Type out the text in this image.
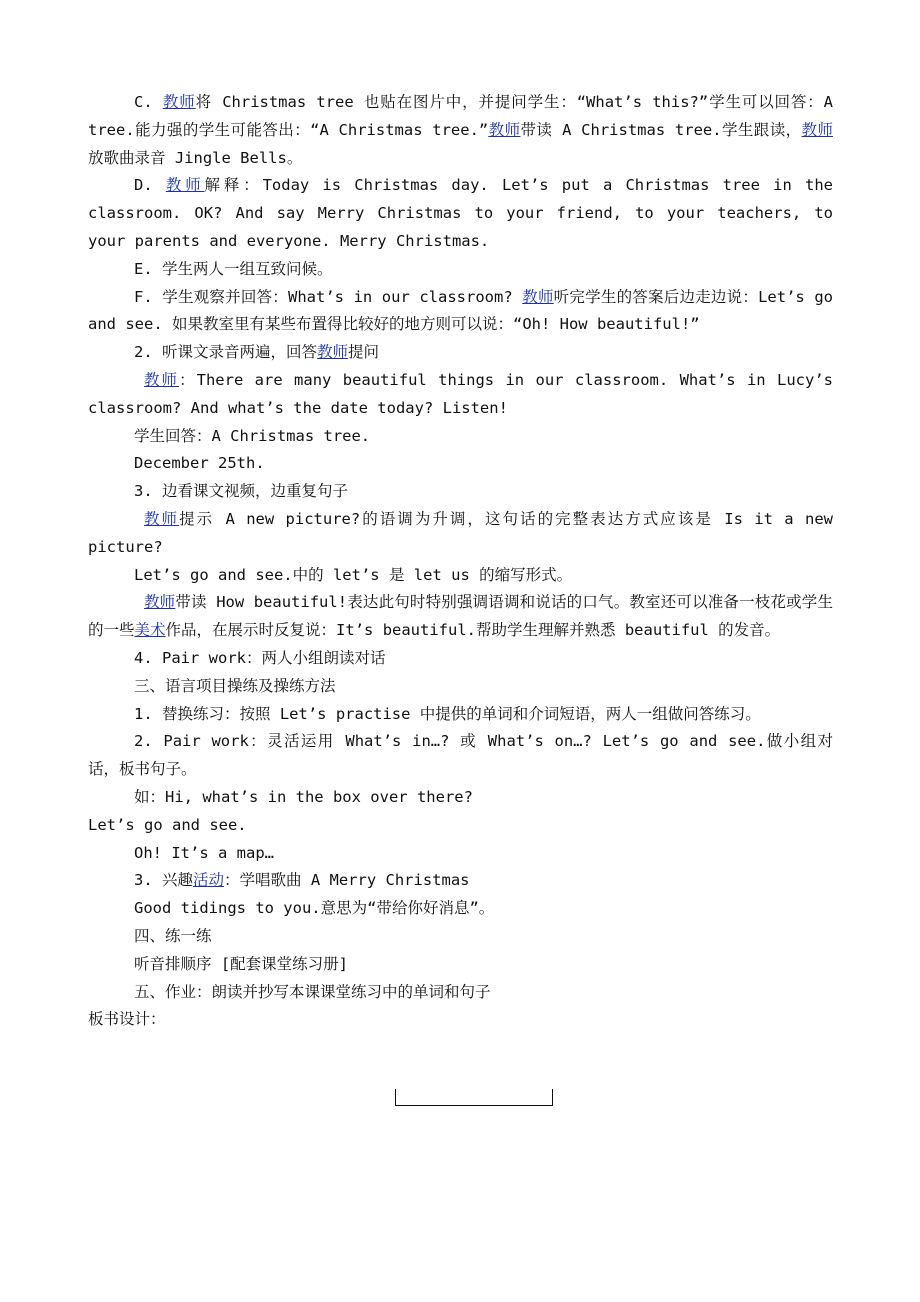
C. 教师将 Christmas tree 也贴在图片中，并提问学生：“What’s this?”学生可以回答：A tree.能力强的学生可能答出：“A Christmas tree.”教师带读 A Christmas tree.学生跟读，教师放歌曲录音 Jingle Bells。

D. 教师解释：Today is Christmas day. Let’s put a Christmas tree in the classroom. OK? And say Merry Christmas to your friend, to your teachers, to your parents and everyone. Merry Christmas.

E. 学生两人一组互致问候。

F. 学生观察并回答：What’s in our classroom? 教师听完学生的答案后边走边说：Let’s go and see. 如果教室里有某些布置得比较好的地方则可以说：“Oh! How beautiful!”

2. 听课文录音两遍，回答教师提问

教师：There are many beautiful things in our classroom. What’s in Lucy’s classroom? And what’s the date today? Listen!

学生回答：A Christmas tree.

December 25th.

3. 边看课文视频，边重复句子

教师提示 A new picture?的语调为升调，这句话的完整表达方式应该是 Is it a new picture?

Let’s go and see.中的 let’s 是 let us 的缩写形式。

教师带读 How beautiful!表达此句时特别强调语调和说话的口气。教室还可以准备一枝花或学生的一些美术作品，在展示时反复说：It’s beautiful.帮助学生理解并熟悉 beautiful 的发音。

4. Pair work：两人小组朗读对话

三、语言项目操练及操练方法

1. 替换练习：按照 Let’s practise 中提供的单词和介词短语，两人一组做问答练习。

2. Pair work：灵活运用 What’s in…? 或 What’s on…? Let’s go and see.做小组对话，板书句子。

如：Hi, what’s in the box over there?

Let’s go and see.

Oh! It’s a map…

3. 兴趣活动：学唱歌曲 A Merry Christmas

Good tidings to you.意思为“带给你好消息”。

四、练一练

听音排顺序 [配套课堂练习册]

五、作业：朗读并抄写本课课堂练习中的单词和句子

板书设计：
